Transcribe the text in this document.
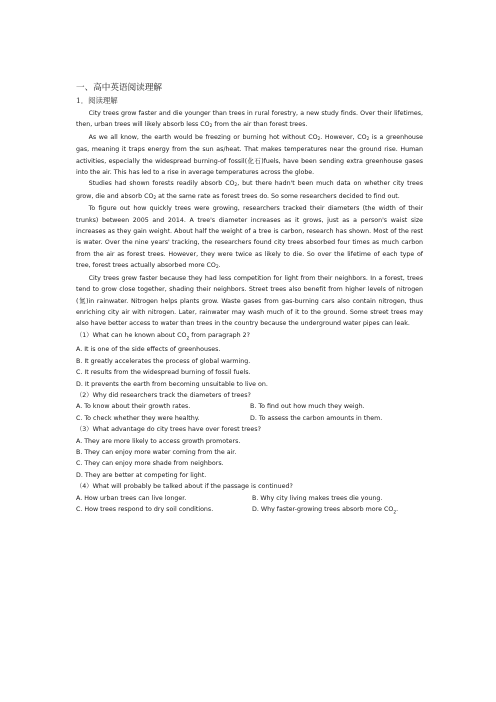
一、高中英语阅读理解
1．阅读理解

City trees grow faster and die younger than trees in rural forestry, a new study finds. Over their lifetimes, then, urban trees will likely absorb less $CO_2$ from the air than forest trees.

As we all know, the earth would be freezing or burning hot without $CO_2$. However, $CO_2$ is a greenhouse gas, meaning it traps energy from the sun as/heat. That makes temperatures near the ground rise. Human activities, especially the widespread burning-of fossil(化石)fuels, have been sending extra greenhouse gases into the air. This has led to a rise in average temperatures across the globe.

Studies had shown forests readily absorb $CO_2$, but there hadn't been much data on whether city trees grow, die and absorb $CO_2$ at the same rate as forest trees do. So some researchers decided to find out.

To figure out how quickly trees were growing, researchers tracked their diameters (the width of their trunks) between 2005 and 2014. A tree's diameter increases as it grows, just as a person's waist size increases as they gain weight. About half the weight of a tree is carbon, research has shown. Most of the rest is water. Over the nine years' tracking, the researchers found city trees absorbed four times as much carbon from the air as forest trees. However, they were twice as likely to die. So over the lifetime of each type of tree, forest trees actually absorbed more $CO_2$.

City trees grew faster because they had less competition for light from their neighbors. In a forest, trees tend to grow close together, shading their neighbors. Street trees also benefit from higher levels of nitrogen (氮)in rainwater. Nitrogen helps plants grow. Waste gases from gas-burning cars also contain nitrogen, thus enriching city air with nitrogen. Later, rainwater may wash much of it to the ground. Some street trees may also have better access to water than trees in the country because the underground water pipes can leak.

（1）What can he known about $CO_2$ from paragraph 2?

A. It is one of the side effects of greenhouses.

B. It greatly accelerates the process of global warming.

C. It results from the widespread burning of fossil fuels.

D. It prevents the earth from becoming unsuitable to live on.

（2）Why did researchers track the diameters of trees?

A. To know about their growth rates.	B. To find out how much they weigh.
C. To check whether they were healthy.	D. To assess the carbon amounts in them.

（3）What advantage do city trees have over forest trees?

A. They are more likely to access growth promoters.

B. They can enjoy more water coming from the air.

C. They can enjoy more shade from neighbors.

D. They are better at competing for light.

（4）What will probably be talked about if the passage is continued?

A. How urban trees can live longer.	B. Why city living makes trees die young.
C. How trees respond to dry soil conditions.	D. Why faster-growing trees absorb more $CO_2$.
